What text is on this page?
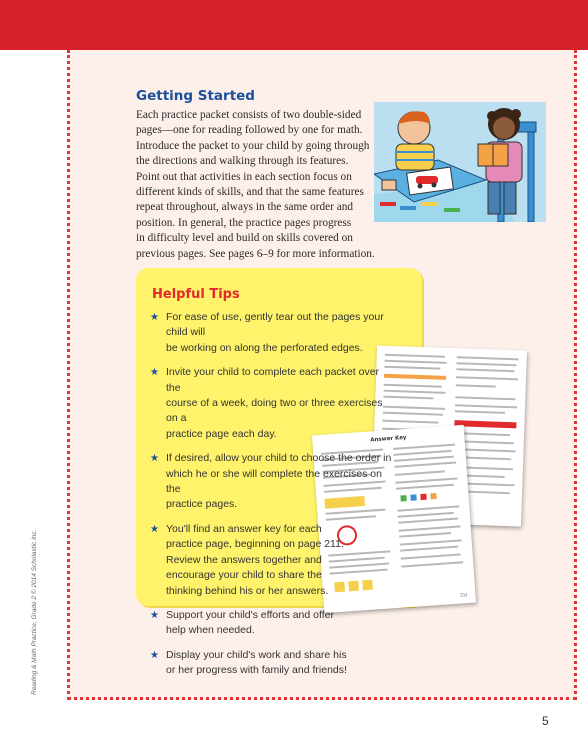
Getting Started

Each practice packet consists of two double-sided
pages—one for reading followed by one for math.
Introduce the packet to your child by going through
the directions and walking through its features.
Point out that activities in each section focus on
different kinds of skills, and that the same features
repeat throughout, always in the same order and
position. In general, the practice pages progress
in difficulty level and build on skills covered on
previous pages. See pages 6–9 for more information.

Helpful Tips
Answer Key
211
★ For ease of use, gently tear out the pages your child will
be working on along the perforated edges.
★ Invite your child to complete each packet over the
course of a week, doing two or three exercises on a
practice page each day.
★ If desired, allow your child to choose the order in
which he or she will complete the exercises on the
practice pages.
★ You'll find an answer key for each
practice page, beginning on page 211.
Review the answers together and
encourage your child to share the
thinking behind his or her answers.
★ Support your child's efforts and offer
help when needed.
★ Display your child's work and share his
or her progress with family and friends!
Reading & Math Practice, Grade 2 © 2014 Scholastic Inc.
5
